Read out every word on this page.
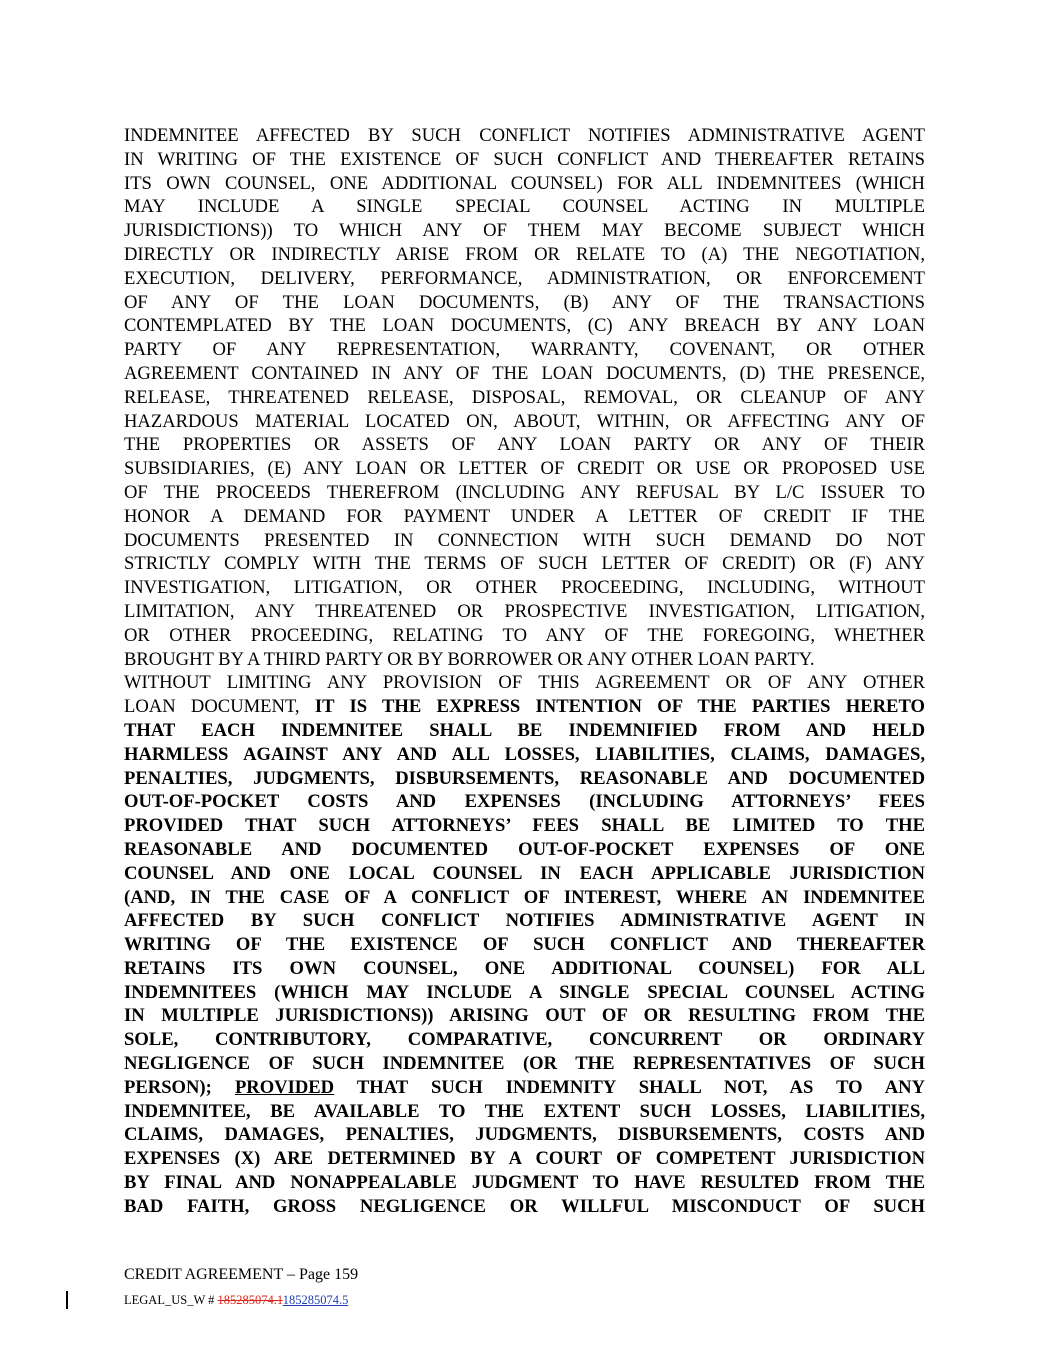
INDEMNITEE AFFECTED BY SUCH CONFLICT NOTIFIES ADMINISTRATIVE AGENT
IN WRITING OF THE EXISTENCE OF SUCH CONFLICT AND THEREAFTER RETAINS
ITS OWN COUNSEL, ONE ADDITIONAL COUNSEL) FOR ALL INDEMNITEES (WHICH
MAY INCLUDE A SINGLE SPECIAL COUNSEL ACTING IN MULTIPLE
JURISDICTIONS)) TO WHICH ANY OF THEM MAY BECOME SUBJECT WHICH
DIRECTLY OR INDIRECTLY ARISE FROM OR RELATE TO (A) THE NEGOTIATION,
EXECUTION, DELIVERY, PERFORMANCE, ADMINISTRATION, OR ENFORCEMENT
OF ANY OF THE LOAN DOCUMENTS, (B) ANY OF THE TRANSACTIONS
CONTEMPLATED BY THE LOAN DOCUMENTS, (C) ANY BREACH BY ANY LOAN
PARTY OF ANY REPRESENTATION, WARRANTY, COVENANT, OR OTHER
AGREEMENT CONTAINED IN ANY OF THE LOAN DOCUMENTS, (D) THE PRESENCE,
RELEASE, THREATENED RELEASE, DISPOSAL, REMOVAL, OR CLEANUP OF ANY
HAZARDOUS MATERIAL LOCATED ON, ABOUT, WITHIN, OR AFFECTING ANY OF
THE PROPERTIES OR ASSETS OF ANY LOAN PARTY OR ANY OF THEIR
SUBSIDIARIES, (E) ANY LOAN OR LETTER OF CREDIT OR USE OR PROPOSED USE
OF THE PROCEEDS THEREFROM (INCLUDING ANY REFUSAL BY L/C ISSUER TO
HONOR A DEMAND FOR PAYMENT UNDER A LETTER OF CREDIT IF THE
DOCUMENTS PRESENTED IN CONNECTION WITH SUCH DEMAND DO NOT
STRICTLY COMPLY WITH THE TERMS OF SUCH LETTER OF CREDIT) OR (F) ANY
INVESTIGATION, LITIGATION, OR OTHER PROCEEDING, INCLUDING, WITHOUT
LIMITATION, ANY THREATENED OR PROSPECTIVE INVESTIGATION, LITIGATION,
OR OTHER PROCEEDING, RELATING TO ANY OF THE FOREGOING, WHETHER
BROUGHT BY A THIRD PARTY OR BY BORROWER OR ANY OTHER LOAN PARTY.
WITHOUT LIMITING ANY PROVISION OF THIS AGREEMENT OR OF ANY OTHER
LOAN DOCUMENT, IT IS THE EXPRESS INTENTION OF THE PARTIES HERETO
THAT EACH INDEMNITEE SHALL BE INDEMNIFIED FROM AND HELD
HARMLESS AGAINST ANY AND ALL LOSSES, LIABILITIES, CLAIMS, DAMAGES,
PENALTIES, JUDGMENTS, DISBURSEMENTS, REASONABLE AND DOCUMENTED
OUT-OF-POCKET COSTS AND EXPENSES (INCLUDING ATTORNEYS’ FEES
PROVIDED THAT SUCH ATTORNEYS’ FEES SHALL BE LIMITED TO THE
REASONABLE AND DOCUMENTED OUT-OF-POCKET EXPENSES OF ONE
COUNSEL AND ONE LOCAL COUNSEL IN EACH APPLICABLE JURISDICTION
(AND, IN THE CASE OF A CONFLICT OF INTEREST, WHERE AN INDEMNITEE
AFFECTED BY SUCH CONFLICT NOTIFIES ADMINISTRATIVE AGENT IN
WRITING OF THE EXISTENCE OF SUCH CONFLICT AND THEREAFTER
RETAINS ITS OWN COUNSEL, ONE ADDITIONAL COUNSEL) FOR ALL
INDEMNITEES (WHICH MAY INCLUDE A SINGLE SPECIAL COUNSEL ACTING
IN MULTIPLE JURISDICTIONS)) ARISING OUT OF OR RESULTING FROM THE
SOLE, CONTRIBUTORY, COMPARATIVE, CONCURRENT OR ORDINARY
NEGLIGENCE OF SUCH INDEMNITEE (OR THE REPRESENTATIVES OF SUCH
PERSON); PROVIDED THAT SUCH INDEMNITY SHALL NOT, AS TO ANY
INDEMNITEE, BE AVAILABLE TO THE EXTENT SUCH LOSSES, LIABILITIES,
CLAIMS, DAMAGES, PENALTIES, JUDGMENTS, DISBURSEMENTS, COSTS AND
EXPENSES (X) ARE DETERMINED BY A COURT OF COMPETENT JURISDICTION
BY FINAL AND NONAPPEALABLE JUDGMENT TO HAVE RESULTED FROM THE
BAD FAITH, GROSS NEGLIGENCE OR WILLFUL MISCONDUCT OF SUCH

CREDIT AGREEMENT – Page 159

LEGAL_US_W # 185285074.1185285074.5
